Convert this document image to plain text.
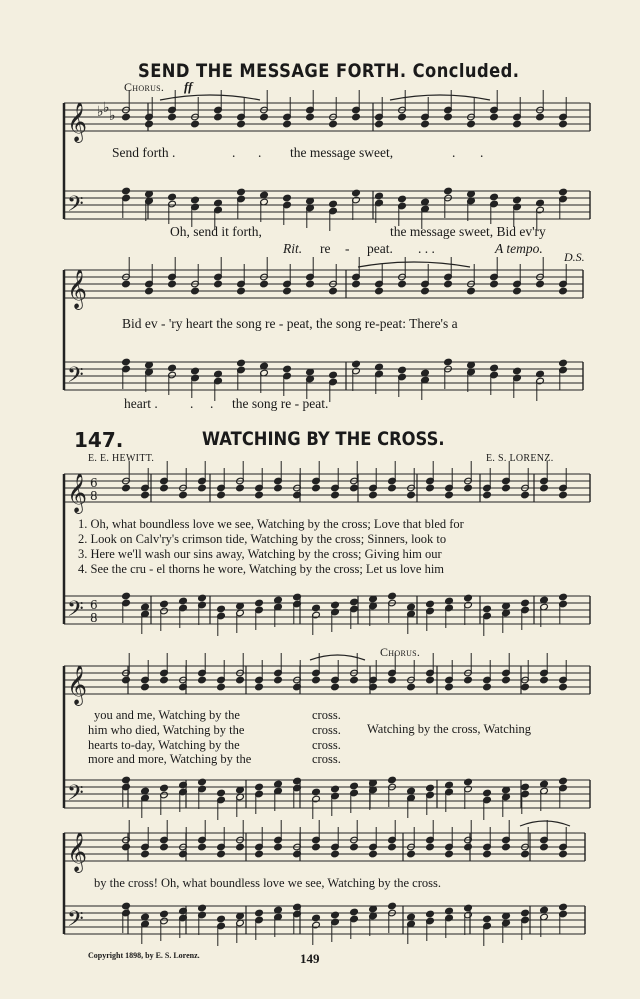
𝄞
𝄢
𝄞
𝄢
𝄞
𝄢
𝄞
𝄢
𝄞
𝄢
♭ ♭ ♭
6
8
6
8
SEND THE MESSAGE FORTH. Concluded.
Chorus. ff
Send forth .	. . the message sweet,	. .
Oh, send it forth,	the message sweet, Bid ev'ry
Rit. re - peat. . . .	A tempo.
D.S.
Bid ev - 'ry heart the song re - peat, the song re-peat: There's a
heart . . . the song re - peat.
147.	WATCHING BY THE CROSS.
E. E. HEWITT.	E. S. LORENZ.
1. Oh, what boundless love we see, Watching by the cross; Love that bled for
2. Look on Calv'ry's crimson tide, Watching by the cross; Sinners, look to
3. Here we'll wash our sins away, Watching by the cross; Giving him our
4. See the cru - el thorns he wore, Watching by the cross; Let us love him
Chorus.
you and me, Watching by the
him who died, Watching by the
hearts to-day, Watching by the
more and more, Watching by the
cross.
cross.
cross.
cross.
Watching by the cross, Watching
by the cross! Oh, what boundless love we see, Watching by the cross.
Copyright 1898, by E. S. Lorenz.	149
